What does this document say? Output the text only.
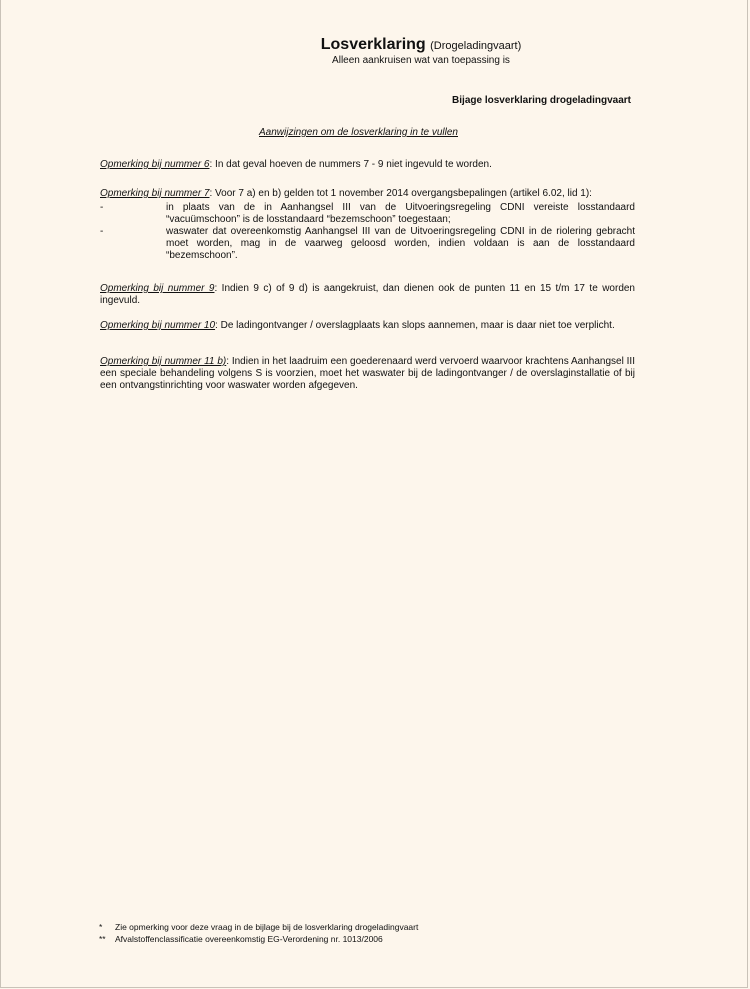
Losverklaring (Drogeladingvaart)
Alleen aankruisen wat van toepassing is
Bijage losverklaring drogeladingvaart
Aanwijzingen om de losverklaring in te vullen
Opmerking bij nummer 6: In dat geval hoeven de nummers 7 - 9 niet ingevuld te worden.
Opmerking bij nummer 7: Voor 7 a) en b) gelden tot 1 november 2014 overgangsbepalingen (artikel 6.02, lid 1):
-	in plaats van de in Aanhangsel III van de Uitvoeringsregeling CDNI vereiste losstandaard “vacuümschoon” is de losstandaard “bezemschoon” toegestaan;
-	waswater dat overeenkomstig Aanhangsel III van de Uitvoeringsregeling CDNI in de riolering gebracht moet worden, mag in de vaarweg geloosd worden, indien voldaan is aan de losstandaard “bezemschoon”.
Opmerking bij nummer 9: Indien 9 c) of 9 d) is aangekruist, dan dienen ook de punten 11 en 15 t/m 17 te worden ingevuld.
Opmerking bij nummer 10: De ladingontvanger / overslagplaats kan slops aannemen, maar is daar niet toe verplicht.
Opmerking bij nummer 11 b): Indien in het laadruim een goederenaard werd vervoerd waarvoor krachtens Aanhangsel III een speciale behandeling volgens S is voorzien, moet het waswater bij de ladingontvanger / de overslaginstallatie of bij een ontvangstinrichting voor waswater worden afgegeven.
*	Zie opmerking voor deze vraag in de bijlage bij de losverklaring drogeladingvaart
**	Afvalstoffenclassificatie overeenkomstig EG-Verordening nr. 1013/2006
